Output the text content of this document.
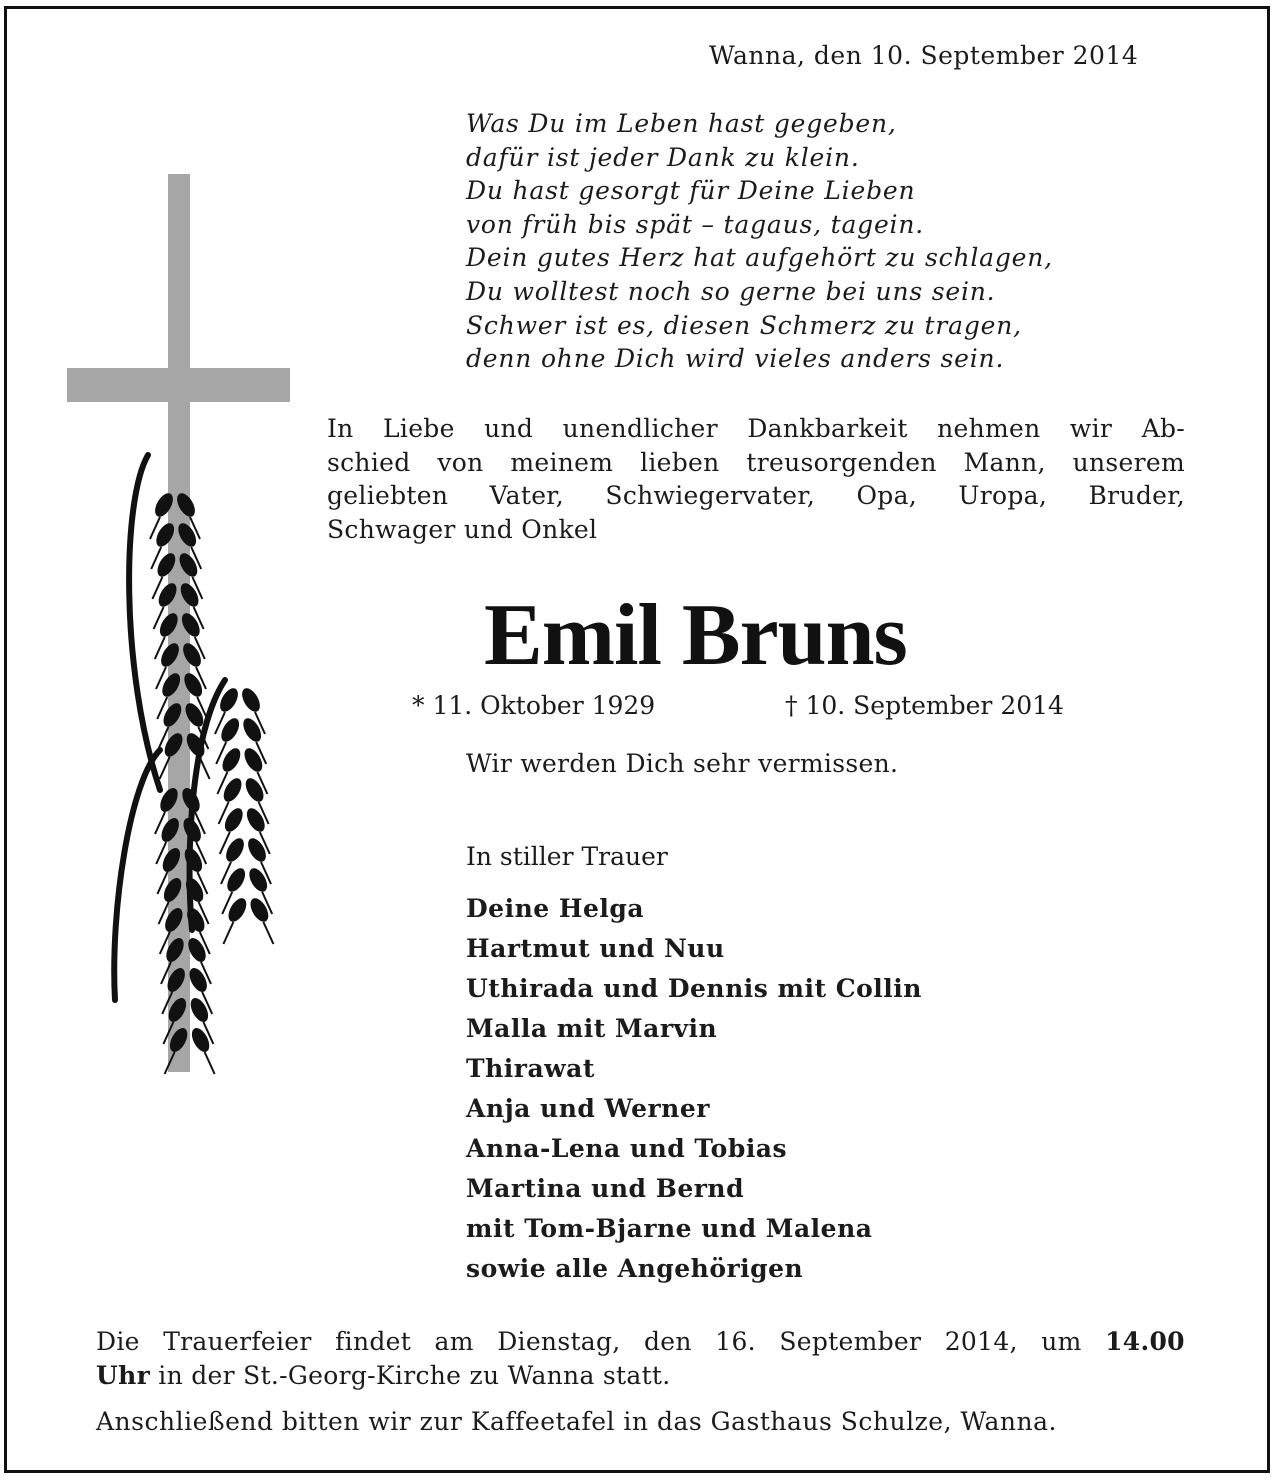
Wanna, den 10. September 2014
Was Du im Leben hast gegeben,
dafür ist jeder Dank zu klein.
Du hast gesorgt für Deine Lieben
von früh bis spät – tagaus, tagein.
Dein gutes Herz hat aufgehört zu schlagen,
Du wolltest noch so gerne bei uns sein.
Schwer ist es, diesen Schmerz zu tragen,
denn ohne Dich wird vieles anders sein.
In Liebe und unendlicher Dankbarkeit nehmen wir Ab-
schied von meinem lieben treusorgenden Mann, unserem
geliebten Vater, Schwiegervater, Opa, Uropa, Bruder,
Schwager und Onkel
Emil Bruns
* 11. Oktober 1929	† 10. September 2014
Wir werden Dich sehr vermissen.
In stiller Trauer
Deine Helga
Hartmut und Nuu
Uthirada und Dennis mit Collin
Malla mit Marvin
Thirawat
Anja und Werner
Anna-Lena und Tobias
Martina und Bernd
mit Tom-Bjarne und Malena
sowie alle Angehörigen
Die Trauerfeier findet am Dienstag, den 16. September 2014, um 14.00
Uhr in der St.-Georg-Kirche zu Wanna statt.
Anschließend bitten wir zur Kaffeetafel in das Gasthaus Schulze, Wanna.
